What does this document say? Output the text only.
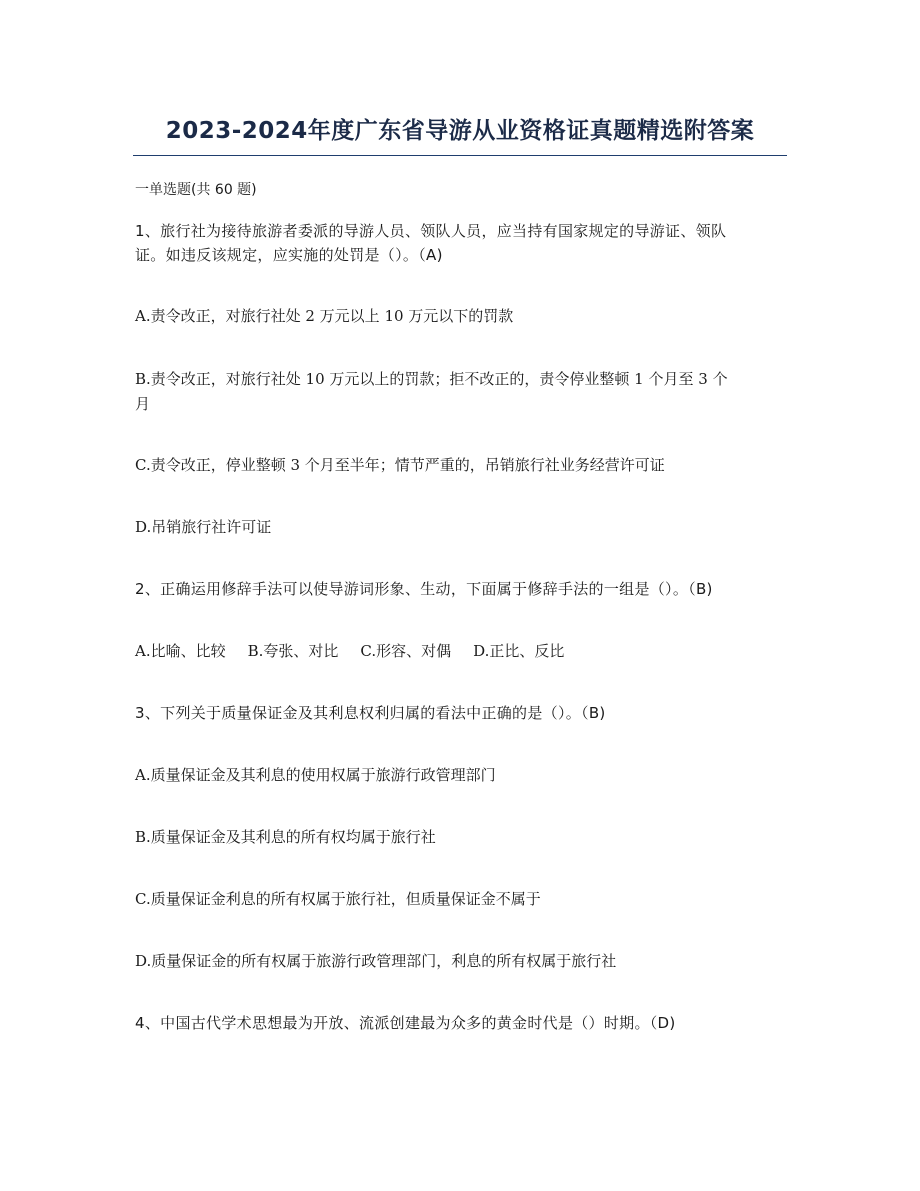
2023-2024年度广东省导游从业资格证真题精选附答案
一单选题(共 60 题)
1、旅行社为接待旅游者委派的导游人员、领队人员，应当持有国家规定的导游证、领队
证。如违反该规定，应实施的处罚是（）。（A)
A.责令改正，对旅行社处 2 万元以上 10 万元以下的罚款
B.责令改正，对旅行社处 10 万元以上的罚款；拒不改正的，责令停业整顿 1 个月至 3 个
月
C.责令改正，停业整顿 3 个月至半年；情节严重的，吊销旅行社业务经营许可证
D.吊销旅行社许可证
2、正确运用修辞手法可以使导游词形象、生动，下面属于修辞手法的一组是（）。（B)
A.比喻、比较 B.夸张、对比 C.形容、对偶 D.正比、反比
3、下列关于质量保证金及其利息权利归属的看法中正确的是（）。（B)
A.质量保证金及其利息的使用权属于旅游行政管理部门
B.质量保证金及其利息的所有权均属于旅行社
C.质量保证金利息的所有权属于旅行社，但质量保证金不属于
D.质量保证金的所有权属于旅游行政管理部门，利息的所有权属于旅行社
4、中国古代学术思想最为开放、流派创建最为众多的黄金时代是（）时期。（D)
